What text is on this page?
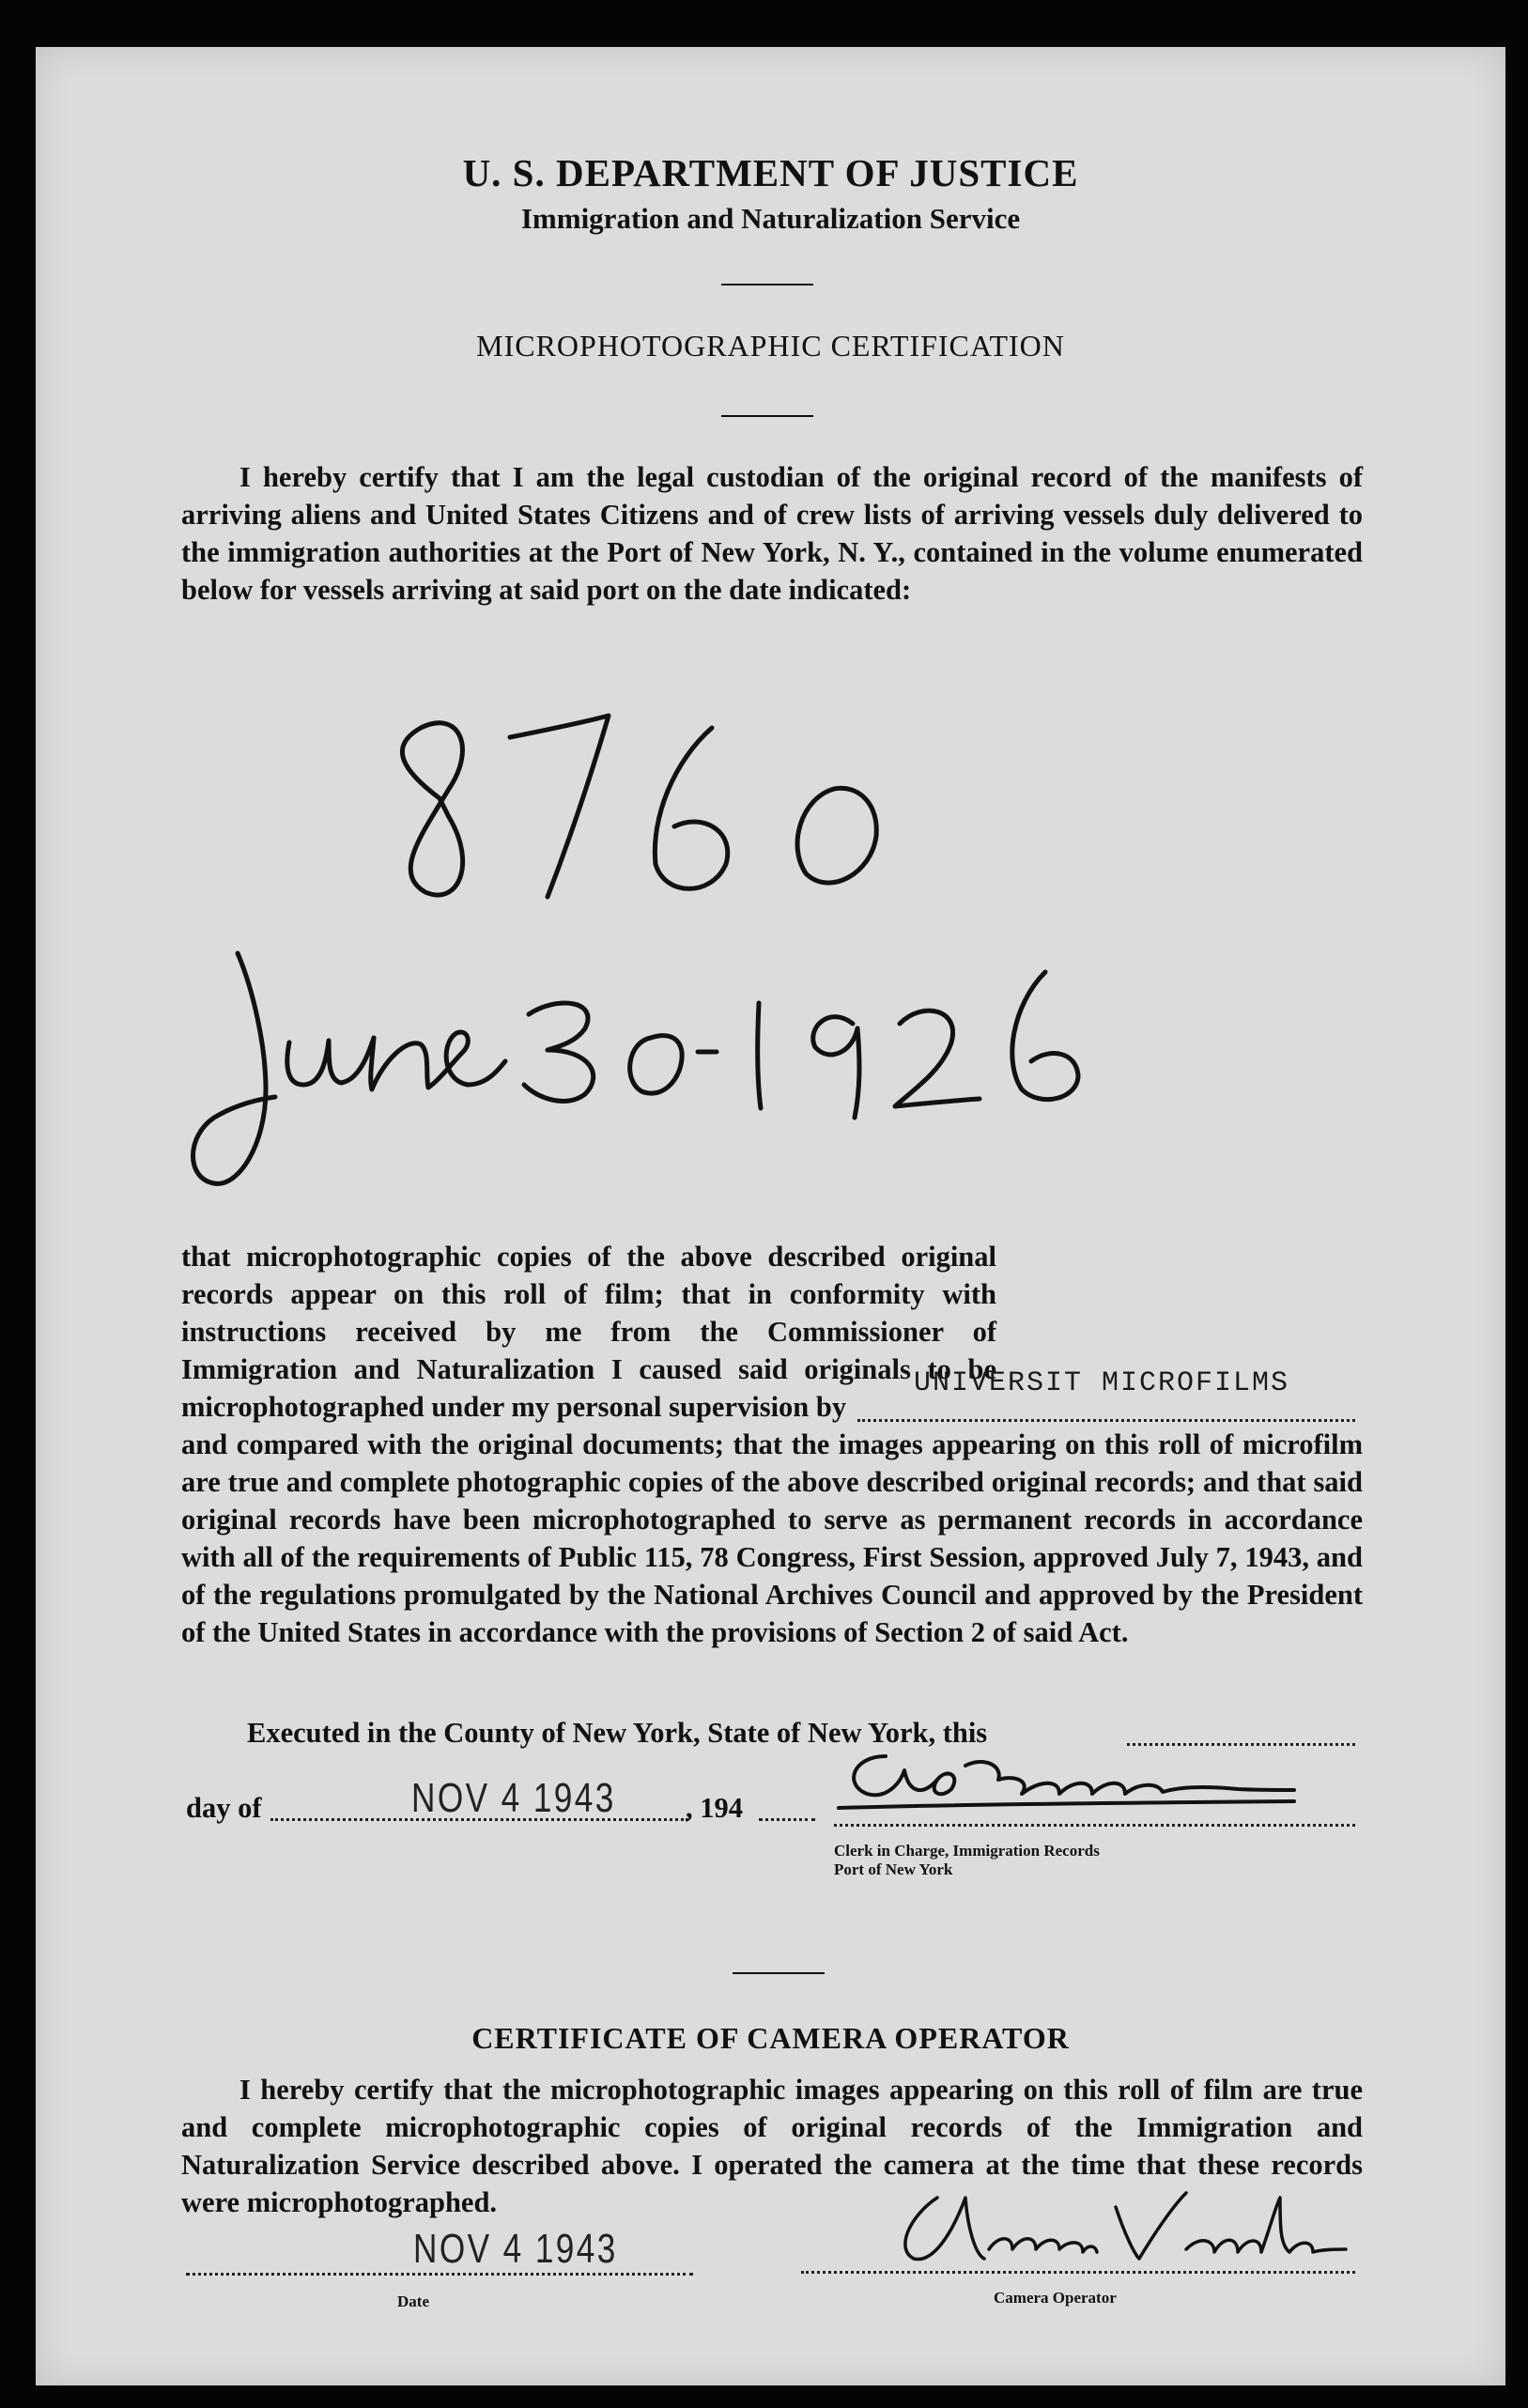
U. S. DEPARTMENT OF JUSTICE
Immigration and Naturalization Service
MICROPHOTOGRAPHIC CERTIFICATION

I hereby certify that I am the legal custodian of the original record of the manifests of arriving aliens and United States Citizens and of crew lists of arriving vessels duly delivered to the immigration authorities at the Port of New York, N. Y., contained in the volume enumerated below for vessels arriving at said port on the date indicated:

that microphotographic copies of the above described original records appear on this roll of film; that in conformity with instructions received by me from the Commissioner of Immigration and Naturalization I caused said originals to be microphotographed under my personal supervision by

and compared with the original documents; that the images appearing on this roll of microfilm are true and complete photographic copies of the above described original records; and that said original records have been microphotographed to serve as permanent records in accordance with all of the requirements of Public 115, 78 Congress, First Session, approved July 7, 1943, and of the regulations promulgated by the National Archives Council and approved by the President of the United States in accordance with the provisions of Section 2 of said Act.

UNIVERSIT MICROFILMS
Executed in the County of New York, State of New York, this
day of	NOV 4 1943 , 194
Clerk in Charge, Immigration Records
Port of New York
CERTIFICATE OF CAMERA OPERATOR

I hereby certify that the microphotographic images appearing on this roll of film are true and complete microphotographic copies of original records of the Immigration and Naturalization Service described above. I operated the camera at the time that these records were microphotographed.

NOV 4 1943
Date	Camera Operator
